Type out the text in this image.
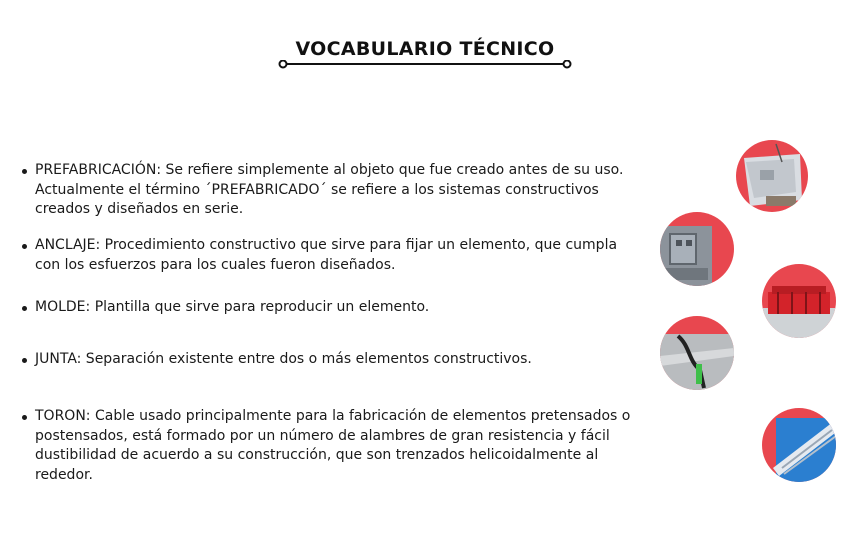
VOCABULARIO TÉCNICO
PREFABRICACIÓN: Se refiere simplemente al objeto que fue creado antes de su uso. Actualmente el término ´PREFABRICADO´ se refiere a los sistemas constructivos creados y diseñados en serie.
ANCLAJE: Procedimiento constructivo que sirve para fijar un elemento, que cumpla con los esfuerzos para los cuales fueron diseñados.
MOLDE: Plantilla que sirve para reproducir un elemento.
JUNTA: Separación existente entre dos o más elementos constructivos.
TORON: Cable usado principalmente para la fabricación de elementos pretensados o postensados, está formado por un número de alambres de gran resistencia y fácil dustibilidad de acuerdo a su construcción, que son trenzados helicoidalmente al rededor.
